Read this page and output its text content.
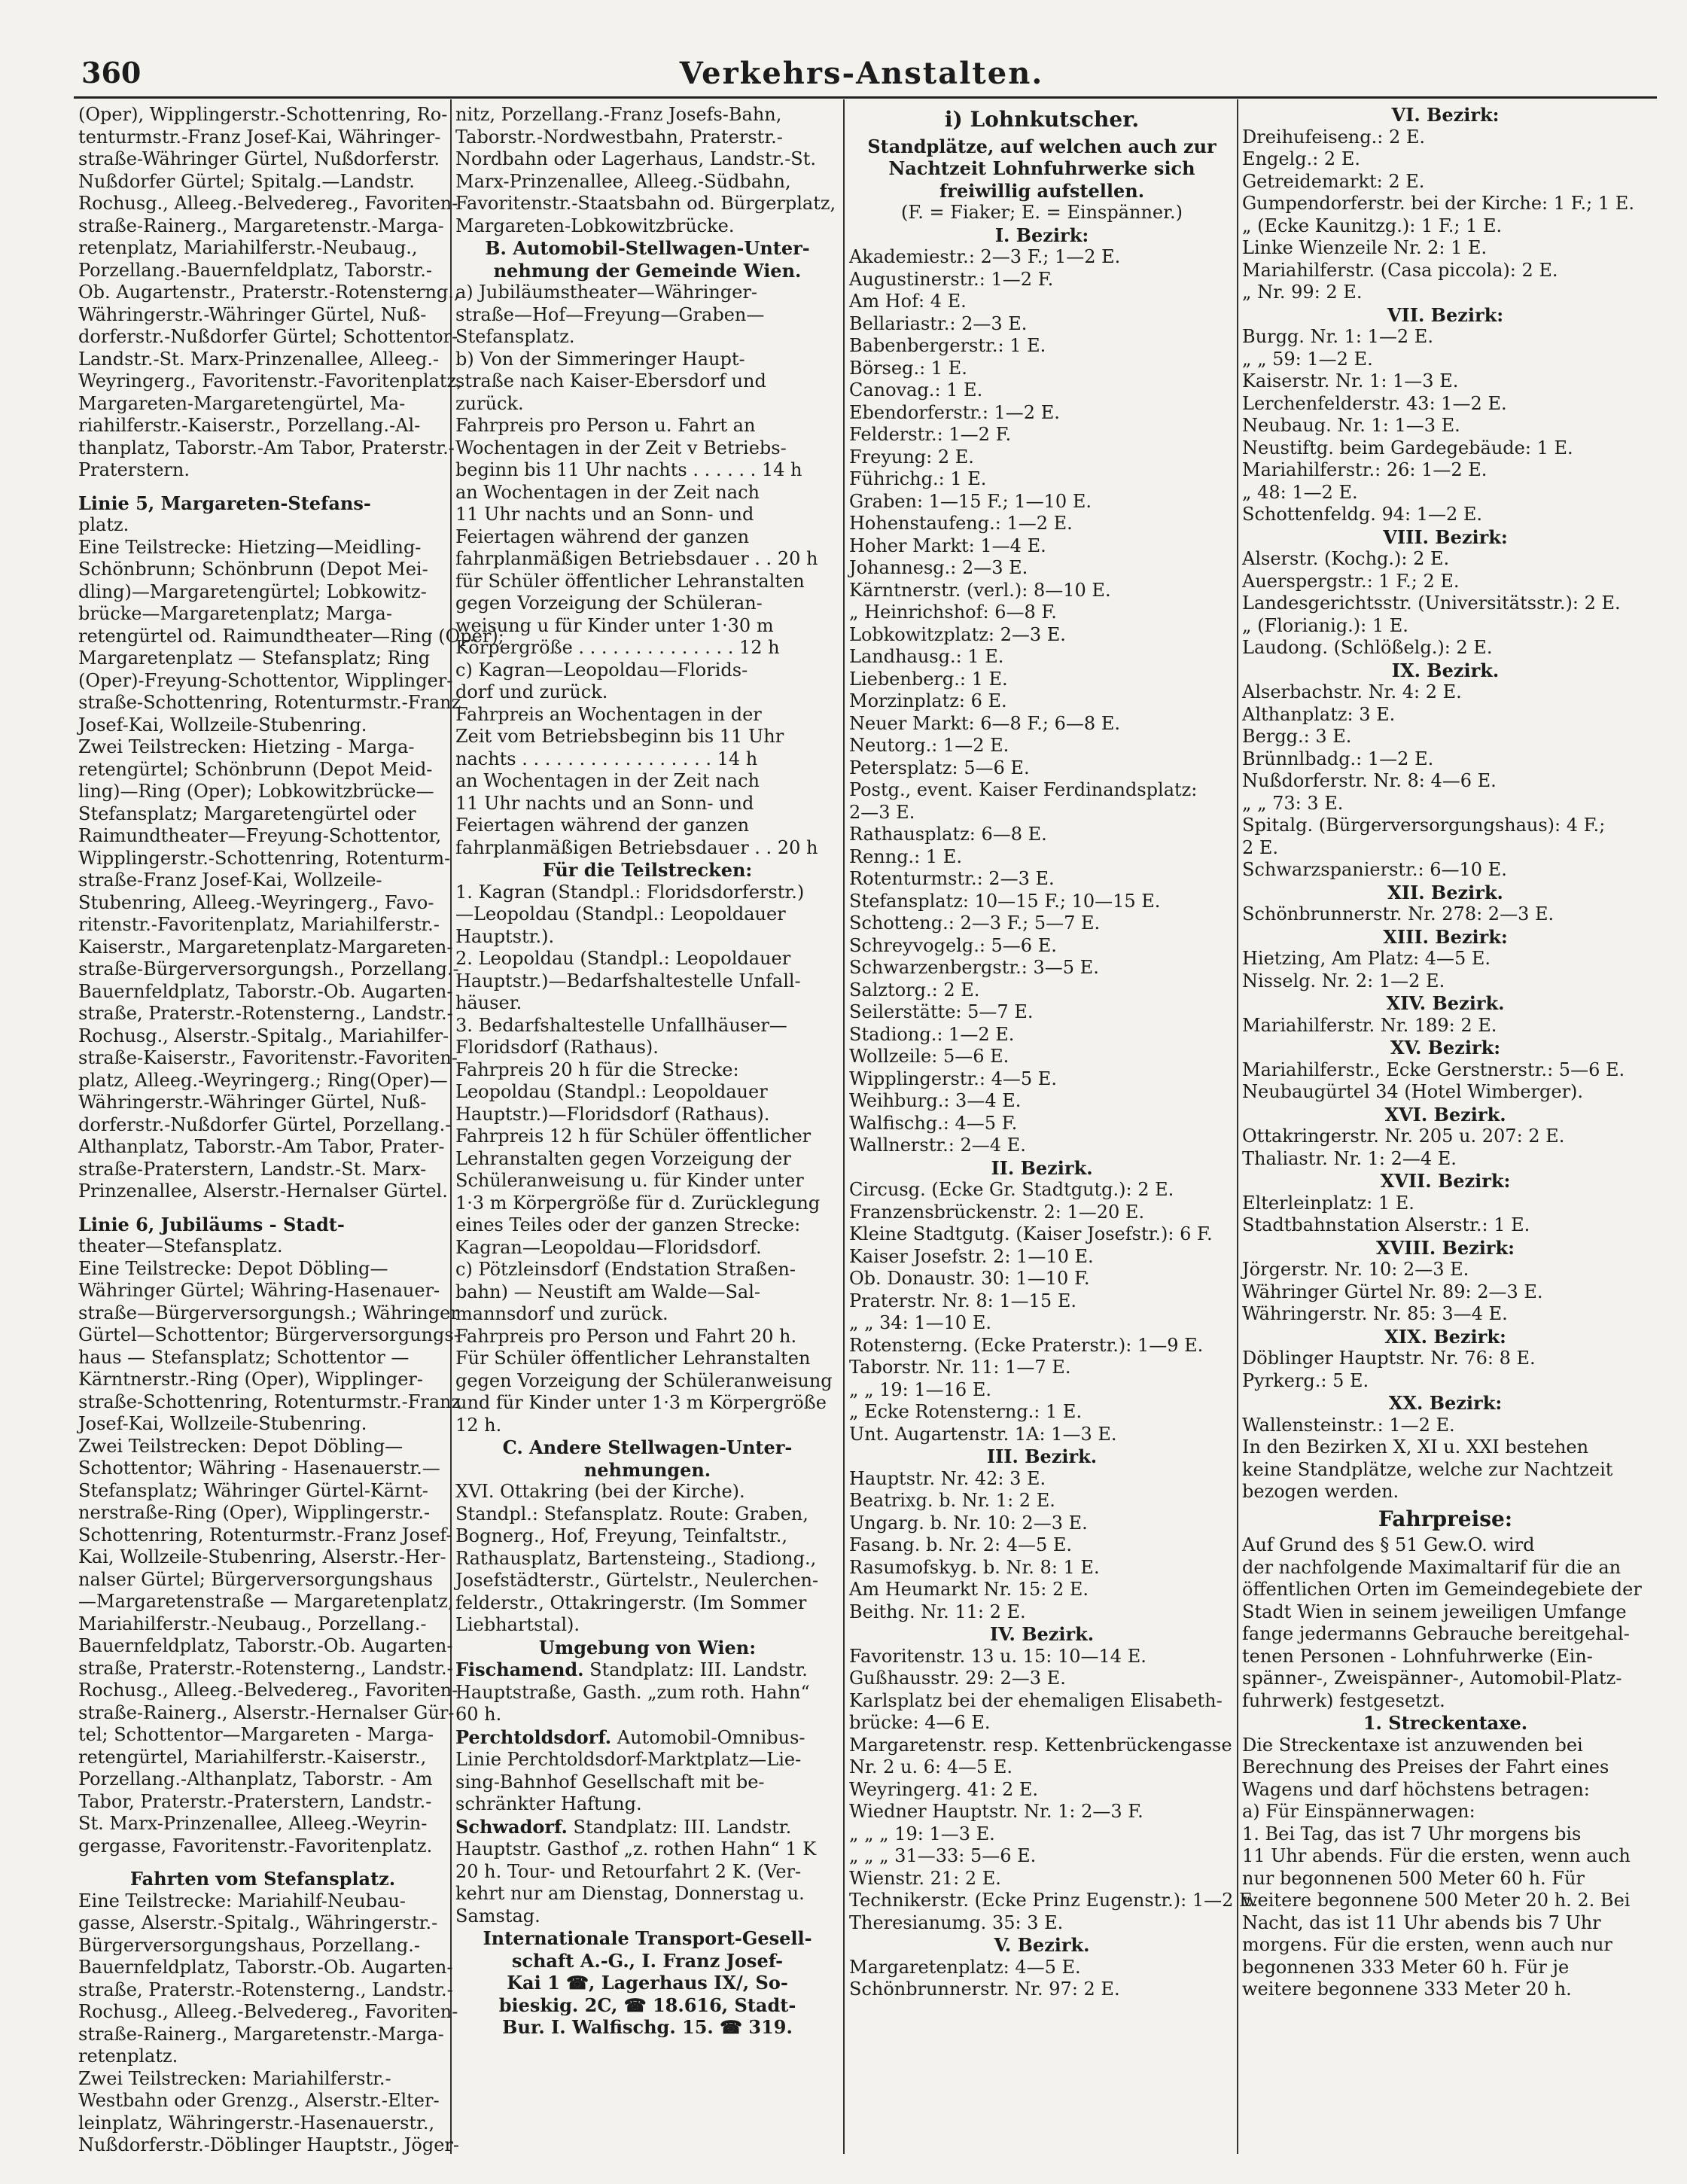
360	Verkehrs-Anstalten.
(Oper), Wipplingerstr.-Schottenring, Ro-
tenturmstr.-Franz Josef-Kai, Währinger-
straße-Währinger Gürtel, Nußdorferstr.
Nußdorfer Gürtel; Spitalg.—Landstr.
Rochusg., Alleeg.-Belvedereg., Favoriten-
straße-Rainerg., Margaretenstr.-Marga-
retenplatz, Mariahilferstr.-Neubaug.,
Porzellang.-Bauernfeldplatz, Taborstr.-
Ob. Augartenstr., Praterstr.-Rotensterng.,
Währingerstr.-Währinger Gürtel, Nuß-
dorferstr.-Nußdorfer Gürtel; Schottentor-
Landstr.-St. Marx-Prinzenallee, Alleeg.-
Weyringerg., Favoritenstr.-Favoritenplatz,
Margareten-Margaretengürtel, Ma-
riahilferstr.-Kaiserstr., Porzellang.-Al-
thanplatz, Taborstr.-Am Tabor, Praterstr.-
Praterstern.
Linie 5, Margareten-Stefans-
platz.
Eine Teilstrecke: Hietzing—Meidling-
Schönbrunn; Schönbrunn (Depot Mei-
dling)—Margaretengürtel; Lobkowitz-
brücke—Margaretenplatz; Marga-
retengürtel od. Raimundtheater—Ring (Oper);
Margaretenplatz — Stefansplatz; Ring
(Oper)-Freyung-Schottentor, Wipplinger-
straße-Schottenring, Rotenturmstr.-Franz
Josef-Kai, Wollzeile-Stubenring.
Zwei Teilstrecken: Hietzing - Marga-
retengürtel; Schönbrunn (Depot Meid-
ling)—Ring (Oper); Lobkowitzbrücke—
Stefansplatz; Margaretengürtel oder
Raimundtheater—Freyung-Schottentor,
Wipplingerstr.-Schottenring, Rotenturm-
straße-Franz Josef-Kai, Wollzeile-
Stubenring, Alleeg.-Weyringerg., Favo-
ritenstr.-Favoritenplatz, Mariahilferstr.-
Kaiserstr., Margaretenplatz-Margareten-
straße-Bürgerversorgungsh., Porzellang.-
Bauernfeldplatz, Taborstr.-Ob. Augarten-
straße, Praterstr.-Rotensterng., Landstr.-
Rochusg., Alserstr.-Spitalg., Mariahilfer-
straße-Kaiserstr., Favoritenstr.-Favoriten-
platz, Alleeg.-Weyringerg.; Ring(Oper)—
Währingerstr.-Währinger Gürtel, Nuß-
dorferstr.-Nußdorfer Gürtel, Porzellang.-
Althanplatz, Taborstr.-Am Tabor, Prater-
straße-Praterstern, Landstr.-St. Marx-
Prinzenallee, Alserstr.-Hernalser Gürtel.
Linie 6, Jubiläums - Stadt-
theater—Stefansplatz.
Eine Teilstrecke: Depot Döbling—
Währinger Gürtel; Währing-Hasenauer-
straße—Bürgerversorgungsh.; Währinger
Gürtel—Schottentor; Bürgerversorgungs-
haus — Stefansplatz; Schottentor —
Kärntnerstr.-Ring (Oper), Wipplinger-
straße-Schottenring, Rotenturmstr.-Franz
Josef-Kai, Wollzeile-Stubenring.
Zwei Teilstrecken: Depot Döbling—
Schottentor; Währing - Hasenauerstr.—
Stefansplatz; Währinger Gürtel-Kärnt-
nerstraße-Ring (Oper), Wipplingerstr.-
Schottenring, Rotenturmstr.-Franz Josef-
Kai, Wollzeile-Stubenring, Alserstr.-Her-
nalser Gürtel; Bürgerversorgungshaus
—Margaretenstraße — Margaretenplatz,
Mariahilferstr.-Neubaug., Porzellang.-
Bauernfeldplatz, Taborstr.-Ob. Augarten-
straße, Praterstr.-Rotensterng., Landstr.-
Rochusg., Alleeg.-Belvedereg., Favoriten-
straße-Rainerg., Alserstr.-Hernalser Gür-
tel; Schottentor—Margareten - Marga-
retengürtel, Mariahilferstr.-Kaiserstr.,
Porzellang.-Althanplatz, Taborstr. - Am
Tabor, Praterstr.-Praterstern, Landstr.-
St. Marx-Prinzenallee, Alleeg.-Weyrin-
gergasse, Favoritenstr.-Favoritenplatz.
Fahrten vom Stefansplatz.
Eine Teilstrecke: Mariahilf-Neubau-
gasse, Alserstr.-Spitalg., Währingerstr.-
Bürgerversorgungshaus, Porzellang.-
Bauernfeldplatz, Taborstr.-Ob. Augarten-
straße, Praterstr.-Rotensterng., Landstr.-
Rochusg., Alleeg.-Belvedereg., Favoriten-
straße-Rainerg., Margaretenstr.-Marga-
retenplatz.
Zwei Teilstrecken: Mariahilferstr.-
Westbahn oder Grenzg., Alserstr.-Elter-
leinplatz, Währingerstr.-Hasenauerstr.,
Nußdorferstr.-Döblinger Hauptstr., Jöger-
nitz, Porzellang.-Franz Josefs-Bahn,
Taborstr.-Nordwestbahn, Praterstr.-
Nordbahn oder Lagerhaus, Landstr.-St.
Marx-Prinzenallee, Alleeg.-Südbahn,
Favoritenstr.-Staatsbahn od. Bürgerplatz,
Margareten-Lobkowitzbrücke.
B. Automobil-Stellwagen-Unter-
nehmung der Gemeinde Wien.
a) Jubiläumstheater—Währinger-
straße—Hof—Freyung—Graben—
Stefansplatz.
b) Von der Simmeringer Haupt-
straße nach Kaiser-Ebersdorf und
zurück.
Fahrpreis pro Person u. Fahrt an
Wochentagen in der Zeit v Betriebs-
beginn bis 11 Uhr nachts . . . . . . 14 h
an Wochentagen in der Zeit nach
11 Uhr nachts und an Sonn- und
Feiertagen während der ganzen
fahrplanmäßigen Betriebsdauer . . 20 h
für Schüler öffentlicher Lehranstalten
gegen Vorzeigung der Schüleran-
weisung u für Kinder unter 1·30 m
Körpergröße . . . . . . . . . . . . . . 12 h
c) Kagran—Leopoldau—Florids-
dorf und zurück.
Fahrpreis an Wochentagen in der
Zeit vom Betriebsbeginn bis 11 Uhr
nachts . . . . . . . . . . . . . . . . . 14 h
an Wochentagen in der Zeit nach
11 Uhr nachts und an Sonn- und
Feiertagen während der ganzen
fahrplanmäßigen Betriebsdauer . . 20 h
Für die Teilstrecken:
1. Kagran (Standpl.: Floridsdorferstr.)
—Leopoldau (Standpl.: Leopoldauer
Hauptstr.).
2. Leopoldau (Standpl.: Leopoldauer
Hauptstr.)—Bedarfshaltestelle Unfall-
häuser.
3. Bedarfshaltestelle Unfallhäuser—
Floridsdorf (Rathaus).
Fahrpreis 20 h für die Strecke:
Leopoldau (Standpl.: Leopoldauer
Hauptstr.)—Floridsdorf (Rathaus).
Fahrpreis 12 h für Schüler öffentlicher
Lehranstalten gegen Vorzeigung der
Schüleranweisung u. für Kinder unter
1·3 m Körpergröße für d. Zurücklegung
eines Teiles oder der ganzen Strecke:
Kagran—Leopoldau—Floridsdorf.
c) Pötzleinsdorf (Endstation Straßen-
bahn) — Neustift am Walde—Sal-
mannsdorf und zurück.
Fahrpreis pro Person und Fahrt 20 h.
Für Schüler öffentlicher Lehranstalten
gegen Vorzeigung der Schüleranweisung
und für Kinder unter 1·3 m Körpergröße
12 h.
C. Andere Stellwagen-Unter-
nehmungen.
XVI. Ottakring (bei der Kirche).
Standpl.: Stefansplatz. Route: Graben,
Bognerg., Hof, Freyung, Teinfaltstr.,
Rathausplatz, Bartensteing., Stadiong.,
Josefstädterstr., Gürtelstr., Neulerchen-
felderstr., Ottakringerstr. (Im Sommer
Liebhartstal).
Umgebung von Wien:
Fischamend. Standplatz: III. Landstr.
Hauptstraße, Gasth. „zum roth. Hahn“
60 h.
Perchtoldsdorf. Automobil-Omnibus-
Linie Perchtoldsdorf-Marktplatz—Lie-
sing-Bahnhof Gesellschaft mit be-
schränkter Haftung.
Schwadorf. Standplatz: III. Landstr.
Hauptstr. Gasthof „z. rothen Hahn“ 1 K
20 h. Tour- und Retourfahrt 2 K. (Ver-
kehrt nur am Dienstag, Donnerstag u.
Samstag.
Internationale Transport-Gesell-
schaft A.-G., I. Franz Josef-
Kai 1 ☎, Lagerhaus IX/, So-
bieskig. 2C, ☎ 18.616, Stadt-
Bur. I. Walfischg. 15. ☎ 319.
i) Lohnkutscher.
Standplätze, auf welchen auch zur
Nachtzeit Lohnfuhrwerke sich
freiwillig aufstellen.
(F. = Fiaker; E. = Einspänner.)
I. Bezirk:
Akademiestr.: 2—3 F.; 1—2 E.
Augustinerstr.: 1—2 F.
Am Hof: 4 E.
Bellariastr.: 2—3 E.
Babenbergerstr.: 1 E.
Börseg.: 1 E.
Canovag.: 1 E.
Ebendorferstr.: 1—2 E.
Felderstr.: 1—2 F.
Freyung: 2 E.
Führichg.: 1 E.
Graben: 1—15 F.; 1—10 E.
Hohenstaufeng.: 1—2 E.
Hoher Markt: 1—4 E.
Johannesg.: 2—3 E.
Kärntnerstr. (verl.): 8—10 E.
„ Heinrichshof: 6—8 F.
Lobkowitzplatz: 2—3 E.
Landhausg.: 1 E.
Liebenberg.: 1 E.
Morzinplatz: 6 E.
Neuer Markt: 6—8 F.; 6—8 E.
Neutorg.: 1—2 E.
Petersplatz: 5—6 E.
Postg., event. Kaiser Ferdinandsplatz:
2—3 E.
Rathausplatz: 6—8 E.
Renng.: 1 E.
Rotenturmstr.: 2—3 E.
Stefansplatz: 10—15 F.; 10—15 E.
Schotteng.: 2—3 F.; 5—7 E.
Schreyvogelg.: 5—6 E.
Schwarzenbergstr.: 3—5 E.
Salztorg.: 2 E.
Seilerstätte: 5—7 E.
Stadiong.: 1—2 E.
Wollzeile: 5—6 E.
Wipplingerstr.: 4—5 E.
Weihburg.: 3—4 E.
Walfischg.: 4—5 F.
Wallnerstr.: 2—4 E.
II. Bezirk.
Circusg. (Ecke Gr. Stadtgutg.): 2 E.
Franzensbrückenstr. 2: 1—20 E.
Kleine Stadtgutg. (Kaiser Josefstr.): 6 F.
Kaiser Josefstr. 2: 1—10 E.
Ob. Donaustr. 30: 1—10 F.
Praterstr. Nr. 8: 1—15 E.
„ „ 34: 1—10 E.
Rotensterng. (Ecke Praterstr.): 1—9 E.
Taborstr. Nr. 11: 1—7 E.
„ „ 19: 1—16 E.
„ Ecke Rotensterng.: 1 E.
Unt. Augartenstr. 1A: 1—3 E.
III. Bezirk.
Hauptstr. Nr. 42: 3 E.
Beatrixg. b. Nr. 1: 2 E.
Ungarg. b. Nr. 10: 2—3 E.
Fasang. b. Nr. 2: 4—5 E.
Rasumofskyg. b. Nr. 8: 1 E.
Am Heumarkt Nr. 15: 2 E.
Beithg. Nr. 11: 2 E.
IV. Bezirk.
Favoritenstr. 13 u. 15: 10—14 E.
Gußhausstr. 29: 2—3 E.
Karlsplatz bei der ehemaligen Elisabeth-
brücke: 4—6 E.
Margaretenstr. resp. Kettenbrückengasse
Nr. 2 u. 6: 4—5 E.
Weyringerg. 41: 2 E.
Wiedner Hauptstr. Nr. 1: 2—3 F.
„ „ „ 19: 1—3 E.
„ „ „ 31—33: 5—6 E.
Wienstr. 21: 2 E.
Technikerstr. (Ecke Prinz Eugenstr.): 1—2 E.
Theresianumg. 35: 3 E.
V. Bezirk.
Margaretenplatz: 4—5 E.
Schönbrunnerstr. Nr. 97: 2 E.
VI. Bezirk:
Dreihufeiseng.: 2 E.
Engelg.: 2 E.
Getreidemarkt: 2 E.
Gumpendorferstr. bei der Kirche: 1 F.; 1 E.
„ (Ecke Kaunitzg.): 1 F.; 1 E.
Linke Wienzeile Nr. 2: 1 E.
Mariahilferstr. (Casa piccola): 2 E.
„ Nr. 99: 2 E.
VII. Bezirk:
Burgg. Nr. 1: 1—2 E.
„ „ 59: 1—2 E.
Kaiserstr. Nr. 1: 1—3 E.
Lerchenfelderstr. 43: 1—2 E.
Neubaug. Nr. 1: 1—3 E.
Neustiftg. beim Gardegebäude: 1 E.
Mariahilferstr.: 26: 1—2 E.
„ 48: 1—2 E.
Schottenfeldg. 94: 1—2 E.
VIII. Bezirk:
Alserstr. (Kochg.): 2 E.
Auerspergstr.: 1 F.; 2 E.
Landesgerichtsstr. (Universitätsstr.): 2 E.
„ (Florianig.): 1 E.
Laudong. (Schlößelg.): 2 E.
IX. Bezirk.
Alserbachstr. Nr. 4: 2 E.
Althanplatz: 3 E.
Bergg.: 3 E.
Brünnlbadg.: 1—2 E.
Nußdorferstr. Nr. 8: 4—6 E.
„ „ 73: 3 E.
Spitalg. (Bürgerversorgungshaus): 4 F.;
2 E.
Schwarzspanierstr.: 6—10 E.
XII. Bezirk.
Schönbrunnerstr. Nr. 278: 2—3 E.
XIII. Bezirk:
Hietzing, Am Platz: 4—5 E.
Nisselg. Nr. 2: 1—2 E.
XIV. Bezirk.
Mariahilferstr. Nr. 189: 2 E.
XV. Bezirk:
Mariahilferstr., Ecke Gerstnerstr.: 5—6 E.
Neubaugürtel 34 (Hotel Wimberger).
XVI. Bezirk.
Ottakringerstr. Nr. 205 u. 207: 2 E.
Thaliastr. Nr. 1: 2—4 E.
XVII. Bezirk:
Elterleinplatz: 1 E.
Stadtbahnstation Alserstr.: 1 E.
XVIII. Bezirk:
Jörgerstr. Nr. 10: 2—3 E.
Währinger Gürtel Nr. 89: 2—3 E.
Währingerstr. Nr. 85: 3—4 E.
XIX. Bezirk:
Döblinger Hauptstr. Nr. 76: 8 E.
Pyrkerg.: 5 E.
XX. Bezirk:
Wallensteinstr.: 1—2 E.
In den Bezirken X, XI u. XXI bestehen
keine Standplätze, welche zur Nachtzeit
bezogen werden.
Fahrpreise:
Auf Grund des § 51 Gew.O. wird
der nachfolgende Maximaltarif für die an
öffentlichen Orten im Gemeindegebiete der
Stadt Wien in seinem jeweiligen Umfange
fange jedermanns Gebrauche bereitgehal-
tenen Personen - Lohnfuhrwerke (Ein-
spänner-, Zweispänner-, Automobil-Platz-
fuhrwerk) festgesetzt.
1. Streckentaxe.
Die Streckentaxe ist anzuwenden bei
Berechnung des Preises der Fahrt eines
Wagens und darf höchstens betragen:
a) Für Einspännerwagen:
1. Bei Tag, das ist 7 Uhr morgens bis
11 Uhr abends. Für die ersten, wenn auch
nur begonnenen 500 Meter 60 h. Für
weitere begonnene 500 Meter 20 h. 2. Bei
Nacht, das ist 11 Uhr abends bis 7 Uhr
morgens. Für die ersten, wenn auch nur
begonnenen 333 Meter 60 h. Für je
weitere begonnene 333 Meter 20 h.
